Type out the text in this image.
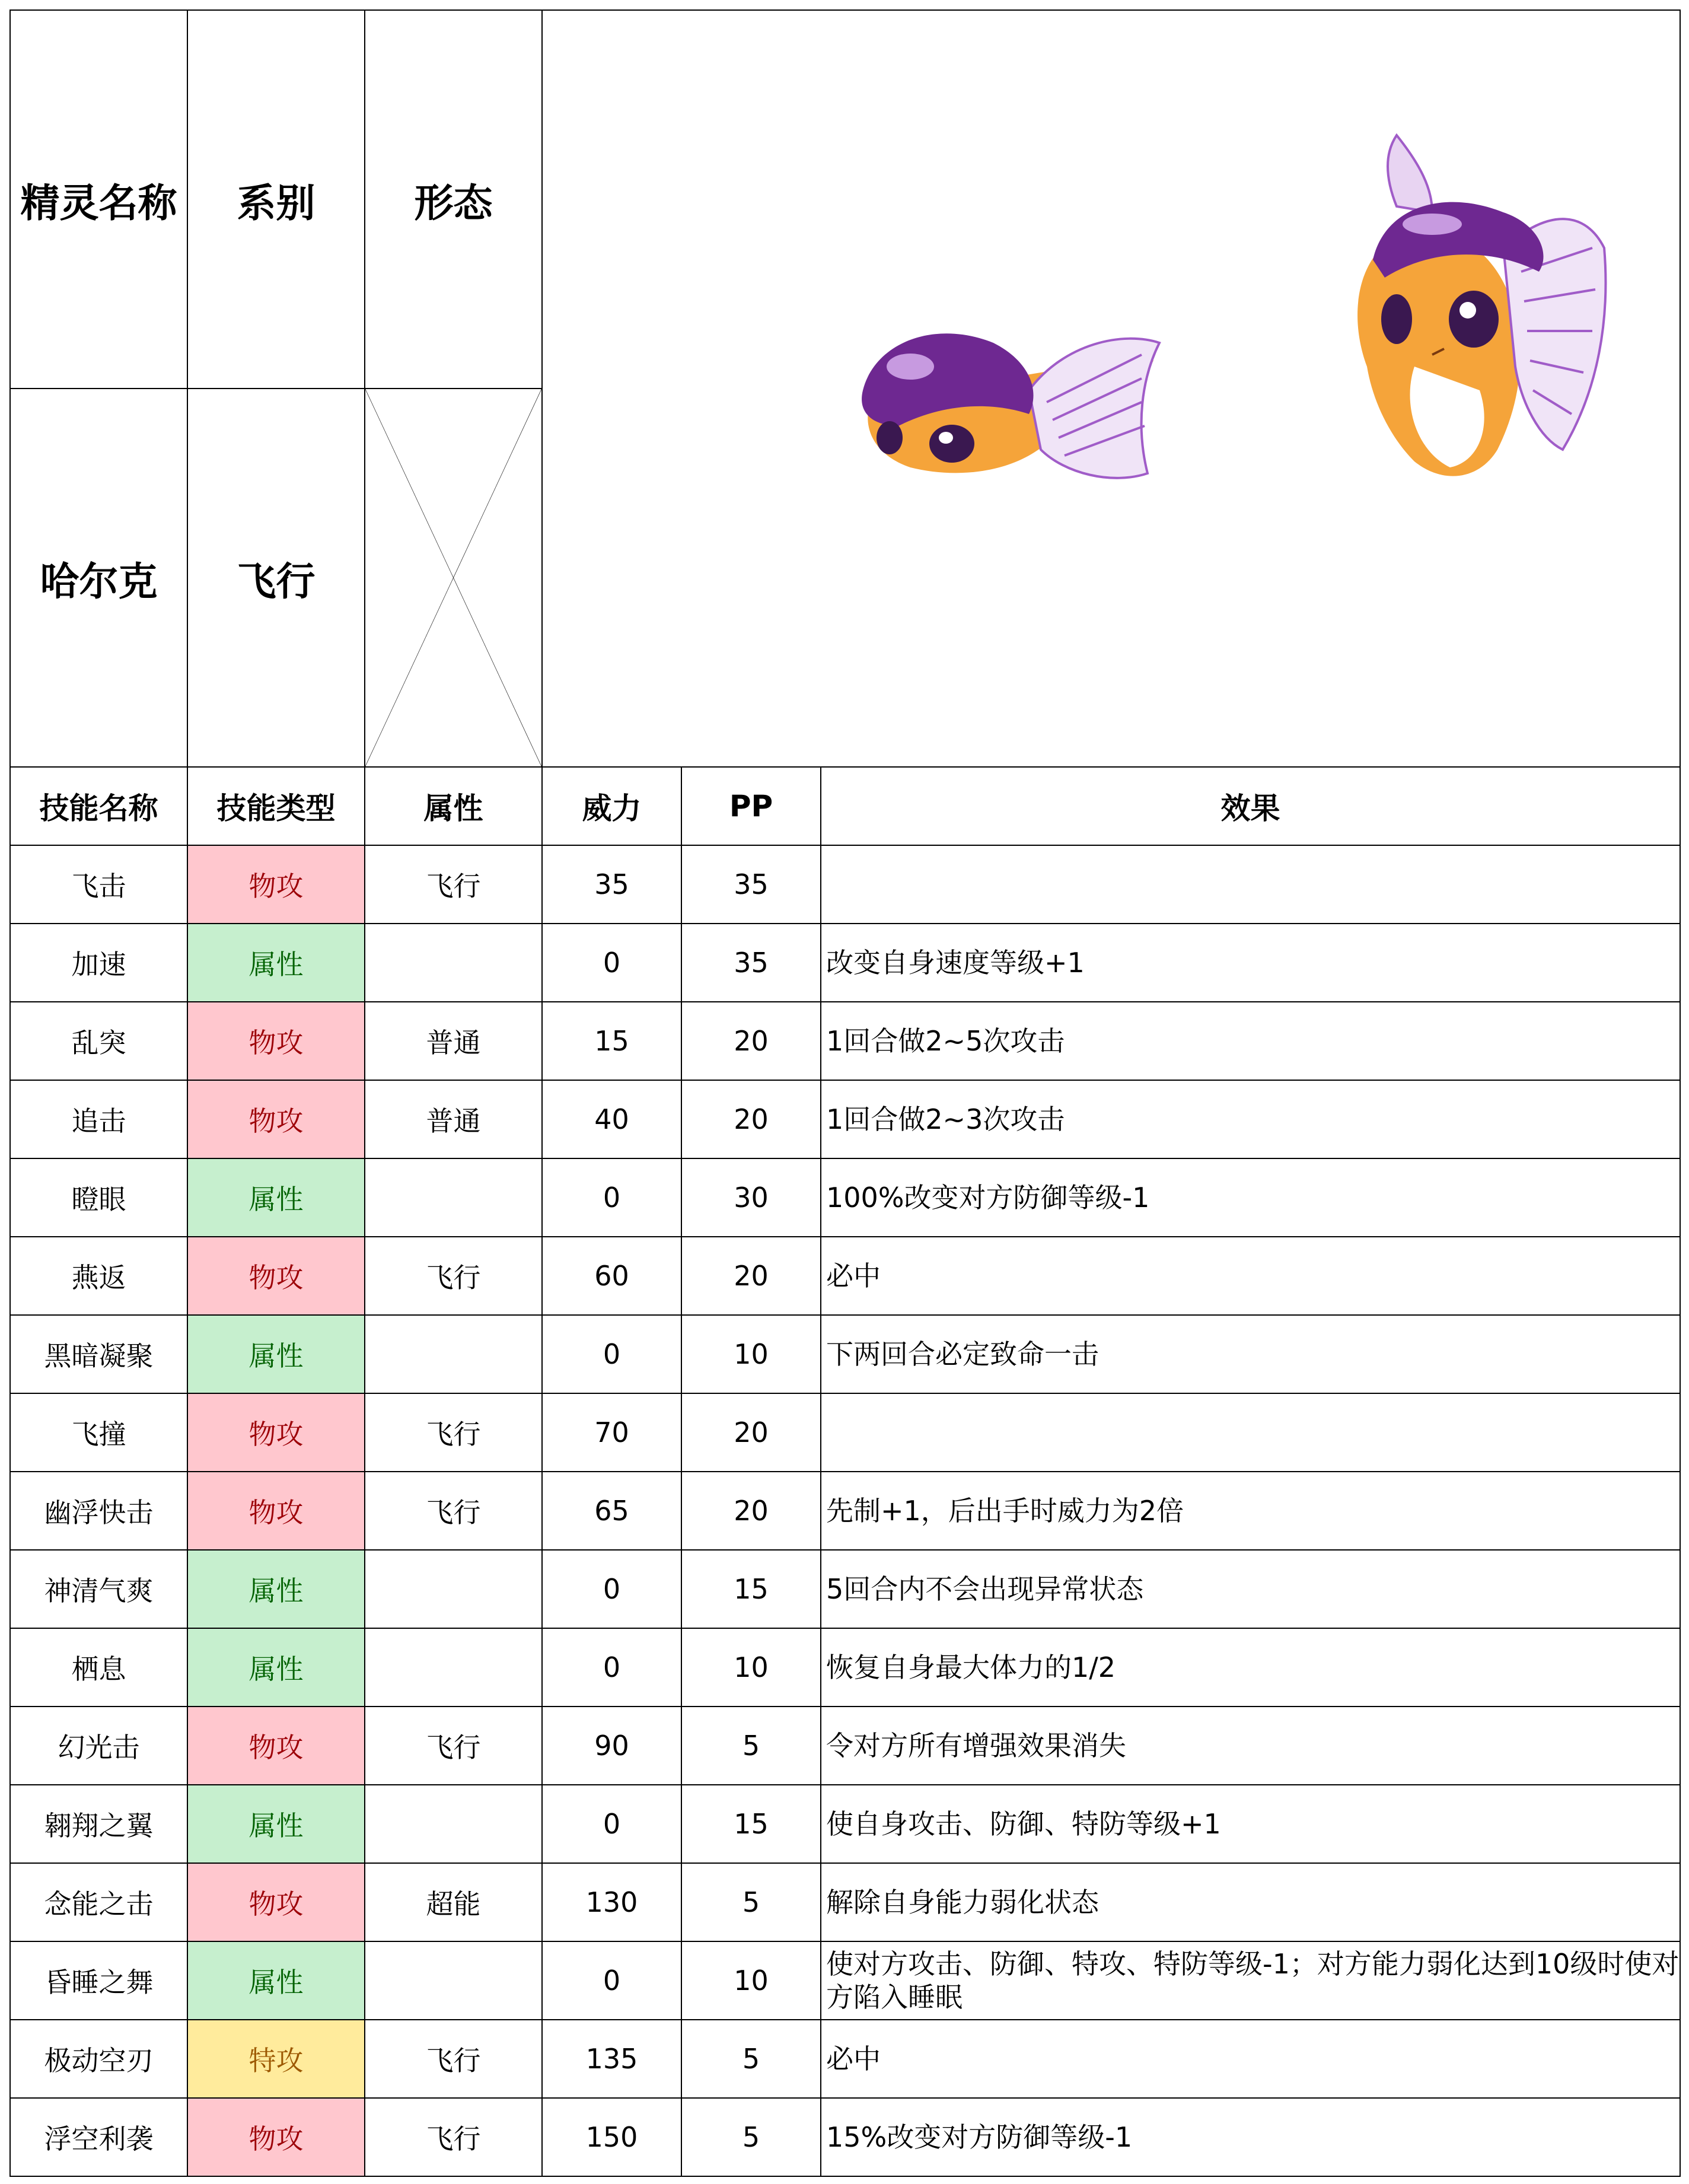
精灵名称	系别	形态	

哈尔克	飞行	

技能名称	技能类型	属性	威力	PP	效果
飞击	物攻	飞行	35	35	
加速	属性		0	35	改变自身速度等级+1
乱突	物攻	普通	15	20	1回合做2~5次攻击
追击	物攻	普通	40	20	1回合做2~3次攻击
瞪眼	属性		0	30	100%改变对方防御等级-1
燕返	物攻	飞行	60	20	必中
黑暗凝聚	属性		0	10	下两回合必定致命一击
飞撞	物攻	飞行	70	20	
幽浮快击	物攻	飞行	65	20	先制+1，后出手时威力为2倍
神清气爽	属性		0	15	5回合内不会出现异常状态
栖息	属性		0	10	恢复自身最大体力的1/2
幻光击	物攻	飞行	90	5	令对方所有增强效果消失
翱翔之翼	属性		0	15	使自身攻击、防御、特防等级+1
念能之击	物攻	超能	130	5	解除自身能力弱化状态
昏睡之舞	属性		0	10	使对方攻击、防御、特攻、特防等级-1；对方能力弱化达到10级时使对方陷入睡眠
极动空刃	特攻	飞行	135	5	必中
浮空利袭	物攻	飞行	150	5	15%改变对方防御等级-1
